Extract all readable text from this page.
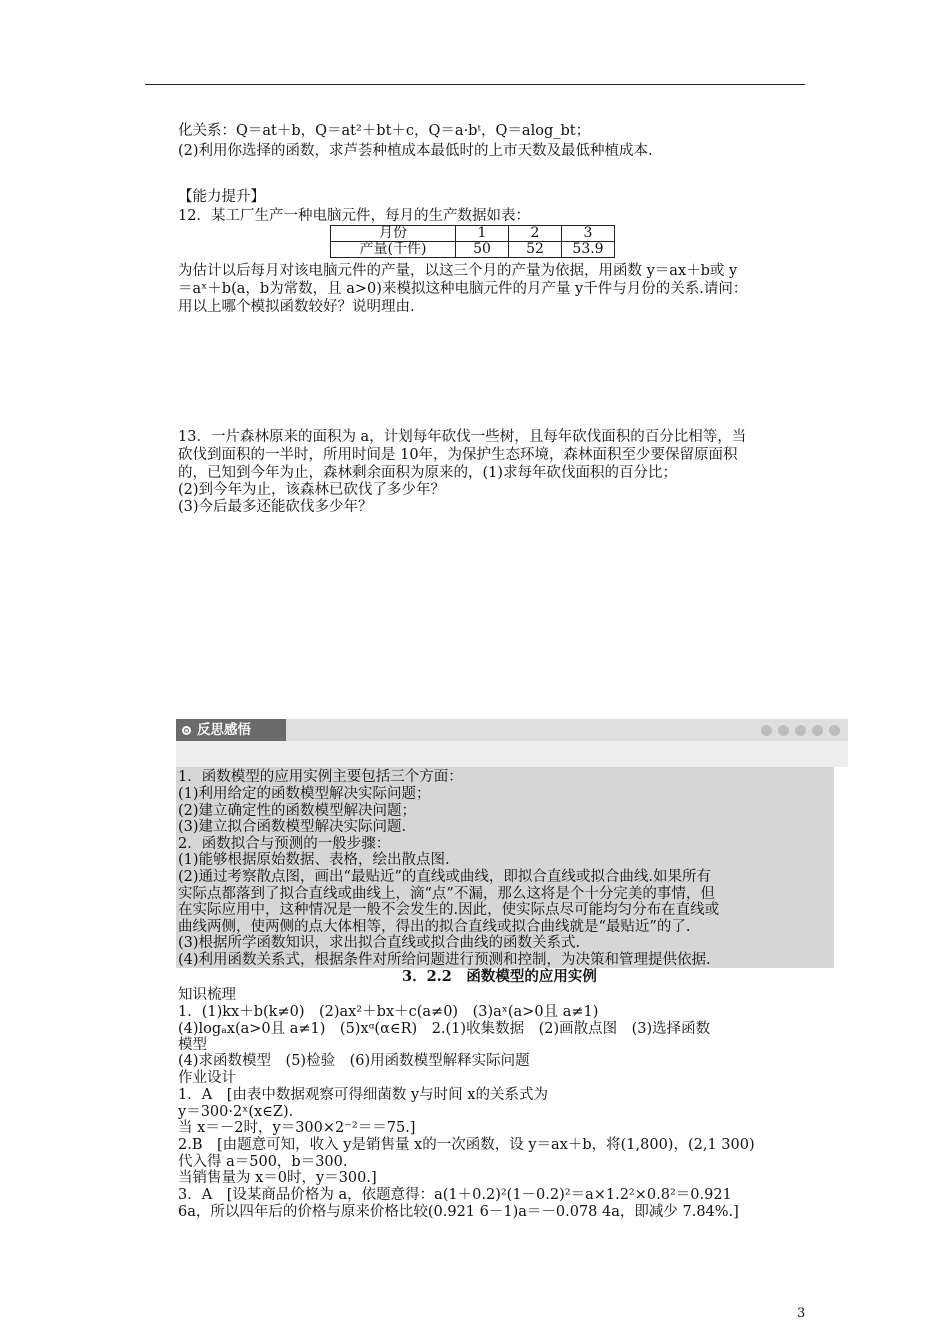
化关系：Q＝at＋b，Q＝at²＋bt＋c，Q＝a·bᵗ，Q＝alog_bt；
(2)利用你选择的函数，求芦荟种植成本最低时的上市天数及最低种植成本.
【能力提升】
12．某工厂生产一种电脑元件，每月的生产数据如表：
月份	1	2	3
产量(千件)	50	52	53.9
为估计以后每月对该电脑元件的产量，以这三个月的产量为依据，用函数 y＝ax＋b或 y
＝aˣ＋b(a，b为常数，且 a>0)来模拟这种电脑元件的月产量 y千件与月份的关系.请问：
用以上哪个模拟函数较好？说明理由.
13．一片森林原来的面积为 a，计划每年砍伐一些树，且每年砍伐面积的百分比相等，当
砍伐到面积的一半时，所用时间是 10年，为保护生态环境，森林面积至少要保留原面积
的，已知到今年为止，森林剩余面积为原来的，(1)求每年砍伐面积的百分比；
(2)到今年为止，该森林已砍伐了多少年？
(3)今后最多还能砍伐多少年？
反思感悟
1．函数模型的应用实例主要包括三个方面：
(1)利用给定的函数模型解决实际问题；
(2)建立确定性的函数模型解决问题；
(3)建立拟合函数模型解决实际问题.
2．函数拟合与预测的一般步骤：
(1)能够根据原始数据、表格，绘出散点图.
(2)通过考察散点图，画出“最贴近”的直线或曲线，即拟合直线或拟合曲线.如果所有
实际点都落到了拟合直线或曲线上，滴“点”不漏，那么这将是个十分完美的事情，但
在实际应用中，这种情况是一般不会发生的.因此，使实际点尽可能均匀分布在直线或
曲线两侧，使两侧的点大体相等，得出的拟合直线或拟合曲线就是“最贴近”的了.
(3)根据所学函数知识，求出拟合直线或拟合曲线的函数关系式.
(4)利用函数关系式，根据条件对所给问题进行预测和控制，为决策和管理提供依据.
3．2.2　函数模型的应用实例
知识梳理
1．(1)kx＋b(k≠0)　(2)ax²＋bx＋c(a≠0)　(3)aˣ(a>0且 a≠1)
(4)logₐx(a>0且 a≠1)　(5)xᵅ(α∈R)　2.(1)收集数据　(2)画散点图　(3)选择函数
模型
(4)求函数模型　(5)检验　(6)用函数模型解释实际问题
作业设计
1．A　[由表中数据观察可得细菌数 y与时间 x的关系式为
y＝300·2ˣ(x∈Z).
当 x＝－2时，y＝300×2⁻²＝＝75.]
2.B　[由题意可知，收入 y是销售量 x的一次函数，设 y＝ax＋b，将(1,800)，(2,1 300)
代入得 a＝500，b＝300.
当销售量为 x＝0时，y＝300.]
3．A　[设某商品价格为 a，依题意得：a(1＋0.2)²(1－0.2)²＝a×1.2²×0.8²＝0.921
6a，所以四年后的价格与原来价格比较(0.921 6－1)a＝－0.078 4a，即减少 7.84%.]
3
